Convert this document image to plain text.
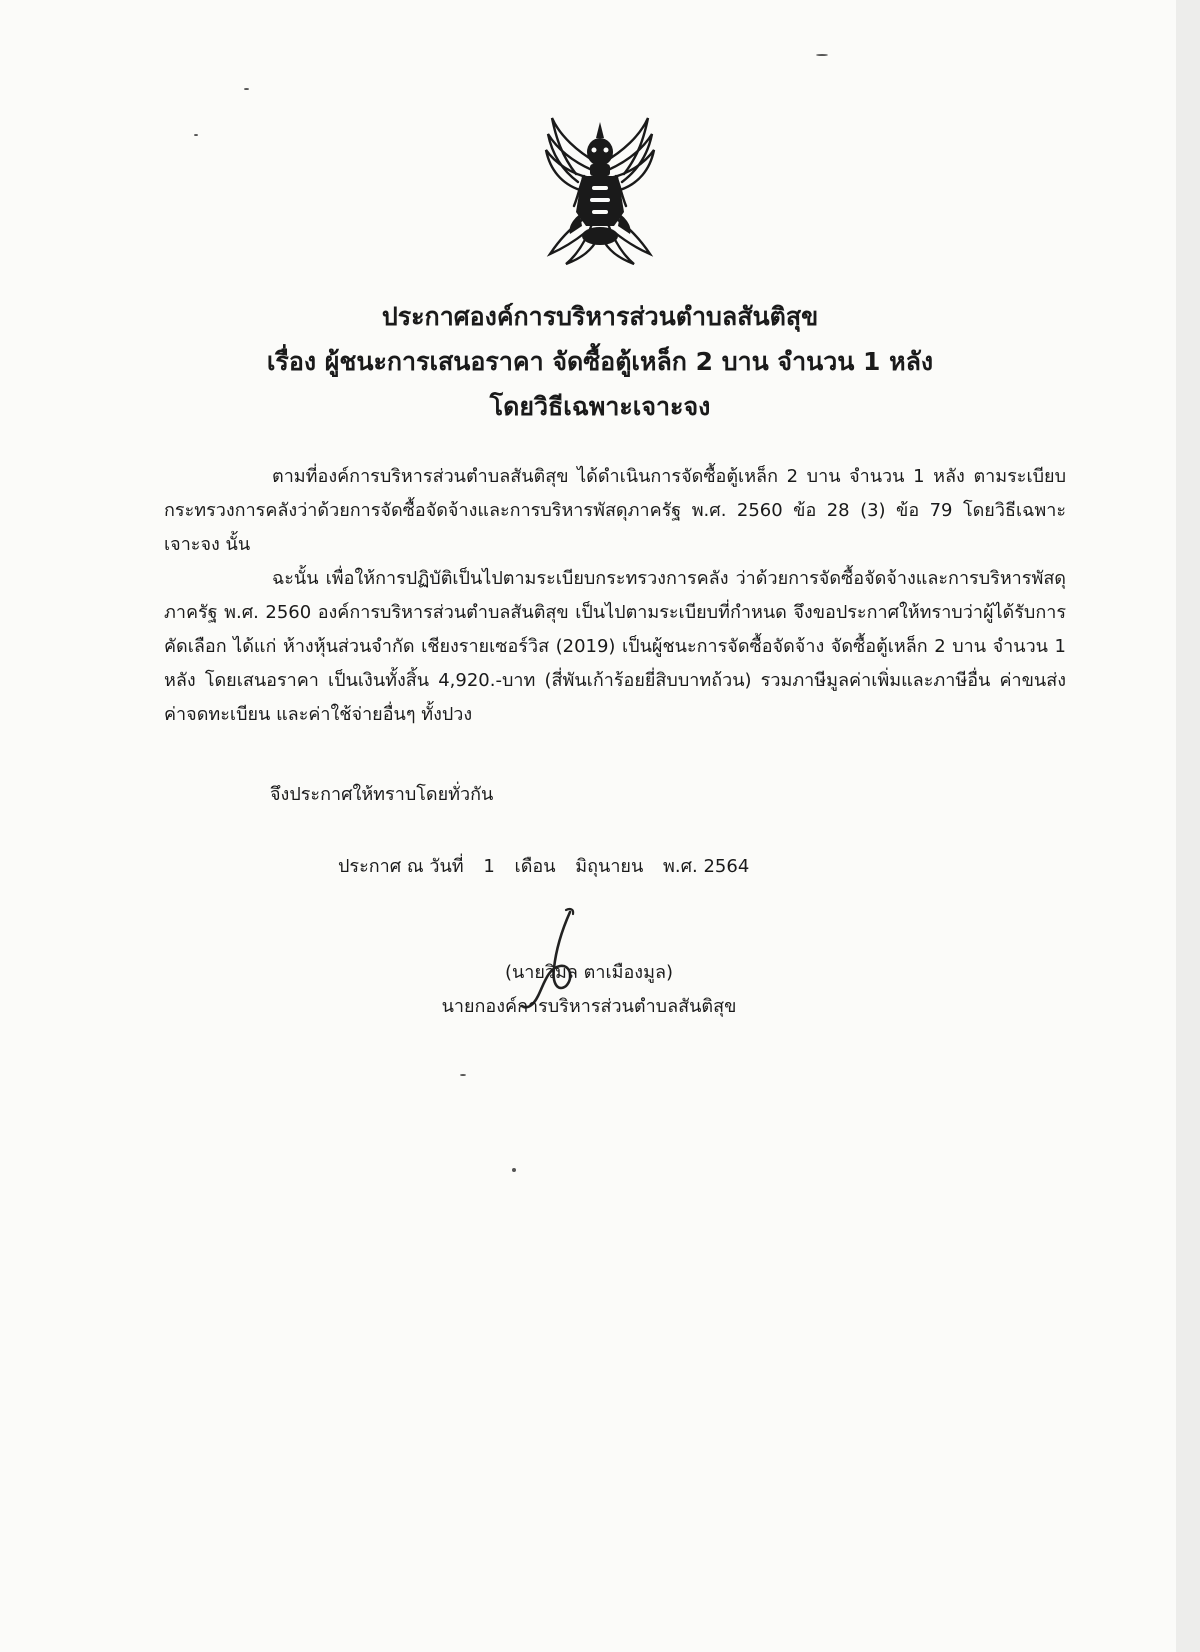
ประกาศองค์การบริหารส่วนตำบลสันติสุข
เรื่อง ผู้ชนะการเสนอราคา จัดซื้อตู้เหล็ก 2 บาน จำนวน 1 หลัง
โดยวิธีเฉพาะเจาะจง

ตามที่องค์การบริหารส่วนตำบลสันติสุข ได้ดำเนินการจัดซื้อตู้เหล็ก 2 บาน จำนวน 1 หลัง ตามระเบียบกระทรวงการคลังว่าด้วยการจัดซื้อจัดจ้างและการบริหารพัสดุภาครัฐ พ.ศ. 2560 ข้อ 28 (3) ข้อ 79 โดยวิธีเฉพาะเจาะจง นั้น

ฉะนั้น เพื่อให้การปฏิบัติเป็นไปตามระเบียบกระทรวงการคลัง ว่าด้วยการจัดซื้อจัดจ้างและการบริหารพัสดุภาครัฐ พ.ศ. 2560 องค์การบริหารส่วนตำบลสันติสุข เป็นไปตามระเบียบที่กำหนด จึงขอประกาศให้ทราบว่าผู้ได้รับการคัดเลือก ได้แก่ ห้างหุ้นส่วนจำกัด เชียงรายเซอร์วิส (2019) เป็นผู้ชนะการจัดซื้อจัดจ้าง จัดซื้อตู้เหล็ก 2 บาน จำนวน 1 หลัง โดยเสนอราคา เป็นเงินทั้งสิ้น 4,920.-บาท (สี่พันเก้าร้อยยี่สิบบาทถ้วน) รวมภาษีมูลค่าเพิ่มและภาษีอื่น ค่าขนส่ง ค่าจดทะเบียน และค่าใช้จ่ายอื่นๆ ทั้งปวง

จึงประกาศให้ทราบโดยทั่วกัน
ประกาศ ณ วันที่ 1 เดือน มิถุนายน พ.ศ. 2564
(นายวิมล ตาเมืองมูล)
นายกองค์การบริหารส่วนตำบลสันติสุข
